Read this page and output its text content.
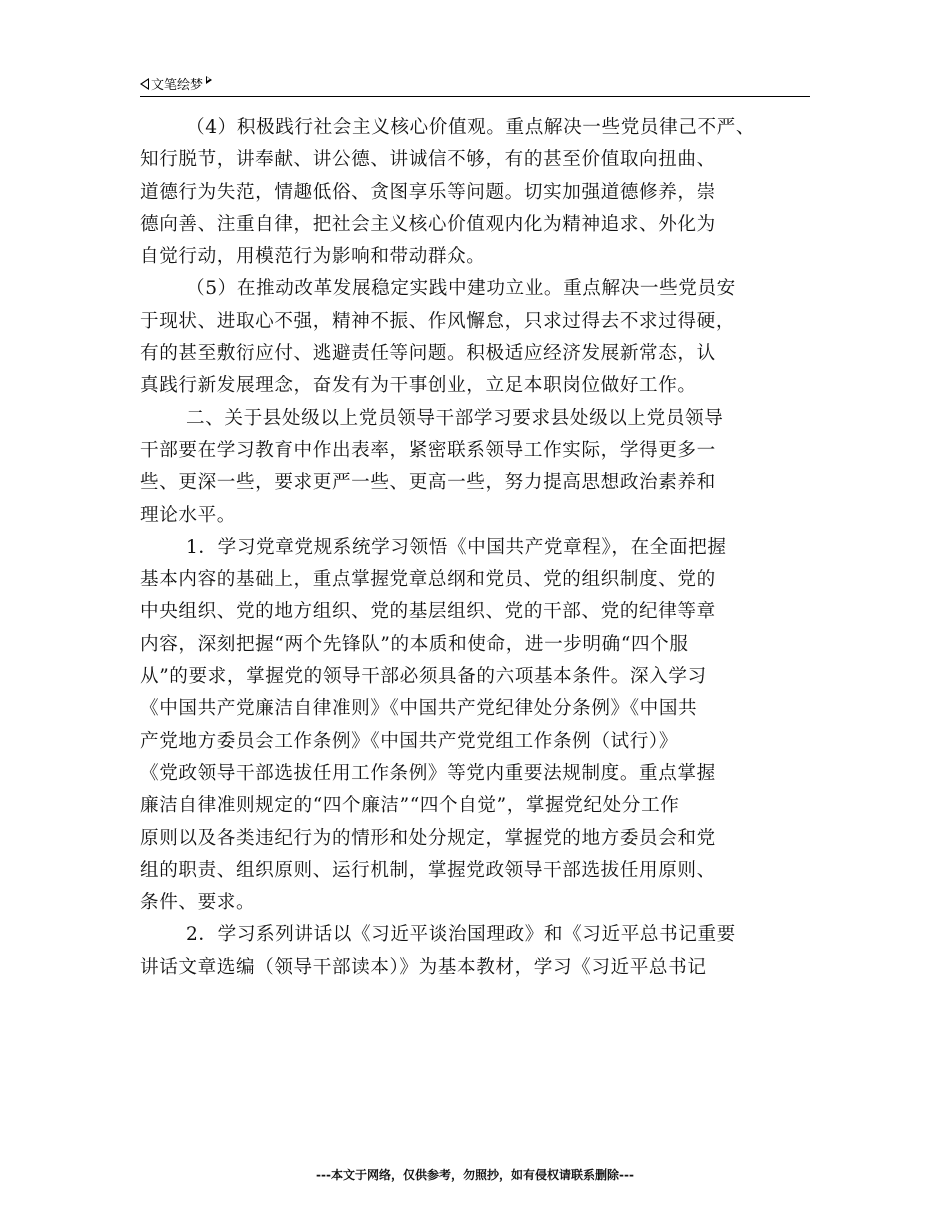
文笔绘梦
（4）积极践行社会主义核心价值观。重点解决一些党员律己不严、
知行脱节，讲奉献、讲公德、讲诚信不够，有的甚至价值取向扭曲、
道德行为失范，情趣低俗、贪图享乐等问题。切实加强道德修养，崇
德向善、注重自律，把社会主义核心价值观内化为精神追求、外化为
自觉行动，用模范行为影响和带动群众。
（5）在推动改革发展稳定实践中建功立业。重点解决一些党员安
于现状、进取心不强，精神不振、作风懈怠，只求过得去不求过得硬，
有的甚至敷衍应付、逃避责任等问题。积极适应经济发展新常态，认
真践行新发展理念，奋发有为干事创业，立足本职岗位做好工作。
二、关于县处级以上党员领导干部学习要求县处级以上党员领导
干部要在学习教育中作出表率，紧密联系领导工作实际，学得更多一
些、更深一些，要求更严一些、更高一些，努力提高思想政治素养和
理论水平。
1．学习党章党规系统学习领悟《中国共产党章程》，在全面把握
基本内容的基础上，重点掌握党章总纲和党员、党的组织制度、党的
中央组织、党的地方组织、党的基层组织、党的干部、党的纪律等章
内容，深刻把握“两个先锋队”的本质和使命，进一步明确“四个服
从”的要求，掌握党的领导干部必须具备的六项基本条件。深入学习
《中国共产党廉洁自律准则》《中国共产党纪律处分条例》《中国共
产党地方委员会工作条例》《中国共产党党组工作条例（试行）》
《党政领导干部选拔任用工作条例》等党内重要法规制度。重点掌握
廉洁自律准则规定的“四个廉洁”“四个自觉”，掌握党纪处分工作
原则以及各类违纪行为的情形和处分规定，掌握党的地方委员会和党
组的职责、组织原则、运行机制，掌握党政领导干部选拔任用原则、
条件、要求。
2．学习系列讲话以《习近平谈治国理政》和《习近平总书记重要
讲话文章选编（领导干部读本）》为基本教材，学习《习近平总书记
---本文于网络，仅供参考，勿照抄，如有侵权请联系删除---
